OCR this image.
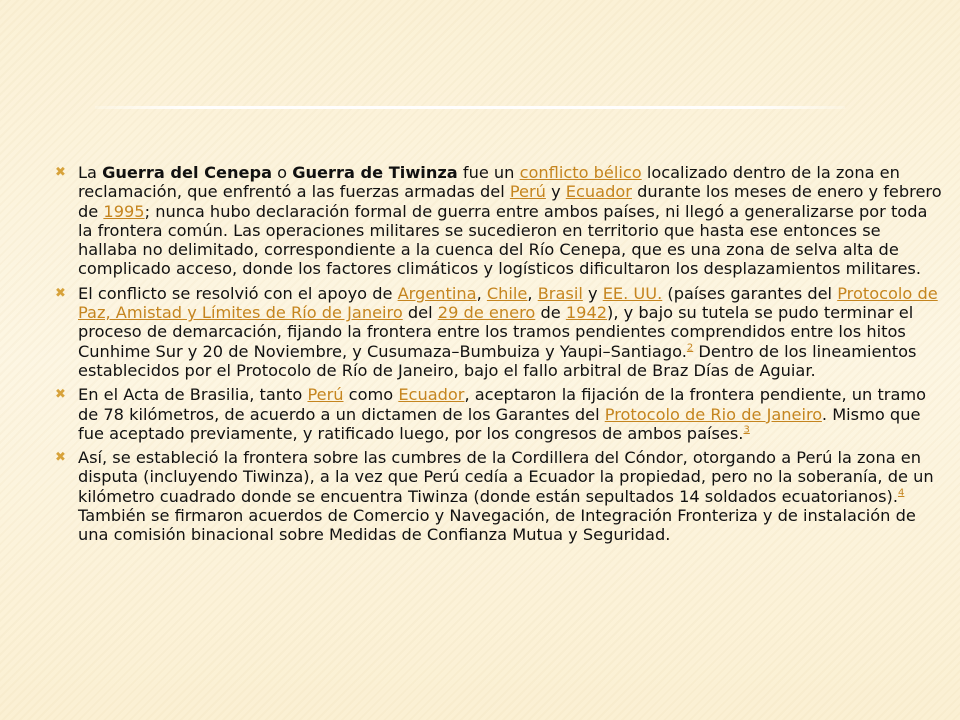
✖ La Guerra del Cenepa o Guerra de Tiwinza fue un conflicto bélico localizado dentro de la zona en reclamación, que enfrentó a las fuerzas armadas del Perú y Ecuador durante los meses de enero y febrero de 1995; nunca hubo declaración formal de guerra entre ambos países, ni llegó a generalizarse por toda la frontera común. Las operaciones militares se sucedieron en territorio que hasta ese entonces se hallaba no delimitado, correspondiente a la cuenca del Río Cenepa, que es una zona de selva alta de complicado acceso, donde los factores climáticos y logísticos dificultaron los desplazamientos militares.
✖ El conflicto se resolvió con el apoyo de Argentina, Chile, Brasil y EE. UU. (países garantes del Protocolo de Paz, Amistad y Límites de Río de Janeiro del 29 de enero de 1942), y bajo su tutela se pudo terminar el proceso de demarcación, fijando la frontera entre los tramos pendientes comprendidos entre los hitos Cunhime Sur y 20 de Noviembre, y Cusumaza–Bumbuiza y Yaupi–Santiago.$^2$ Dentro de los lineamientos establecidos por el Protocolo de Río de Janeiro, bajo el fallo arbitral de Braz Días de Aguiar.
✖ En el Acta de Brasilia, tanto Perú como Ecuador, aceptaron la fijación de la frontera pendiente, un tramo de 78 kilómetros, de acuerdo a un dictamen de los Garantes del Protocolo de Rio de Janeiro. Mismo que fue aceptado previamente, y ratificado luego, por los congresos de ambos países.$^3$
✖ Así, se estableció la frontera sobre las cumbres de la Cordillera del Cóndor, otorgando a Perú la zona en disputa (incluyendo Tiwinza), a la vez que Perú cedía a Ecuador la propiedad, pero no la soberanía, de un kilómetro cuadrado donde se encuentra Tiwinza (donde están sepultados 14 soldados ecuatorianos).$^4$ También se firmaron acuerdos de Comercio y Navegación, de Integración Fronteriza y de instalación de una comisión binacional sobre Medidas de Confianza Mutua y Seguridad.
